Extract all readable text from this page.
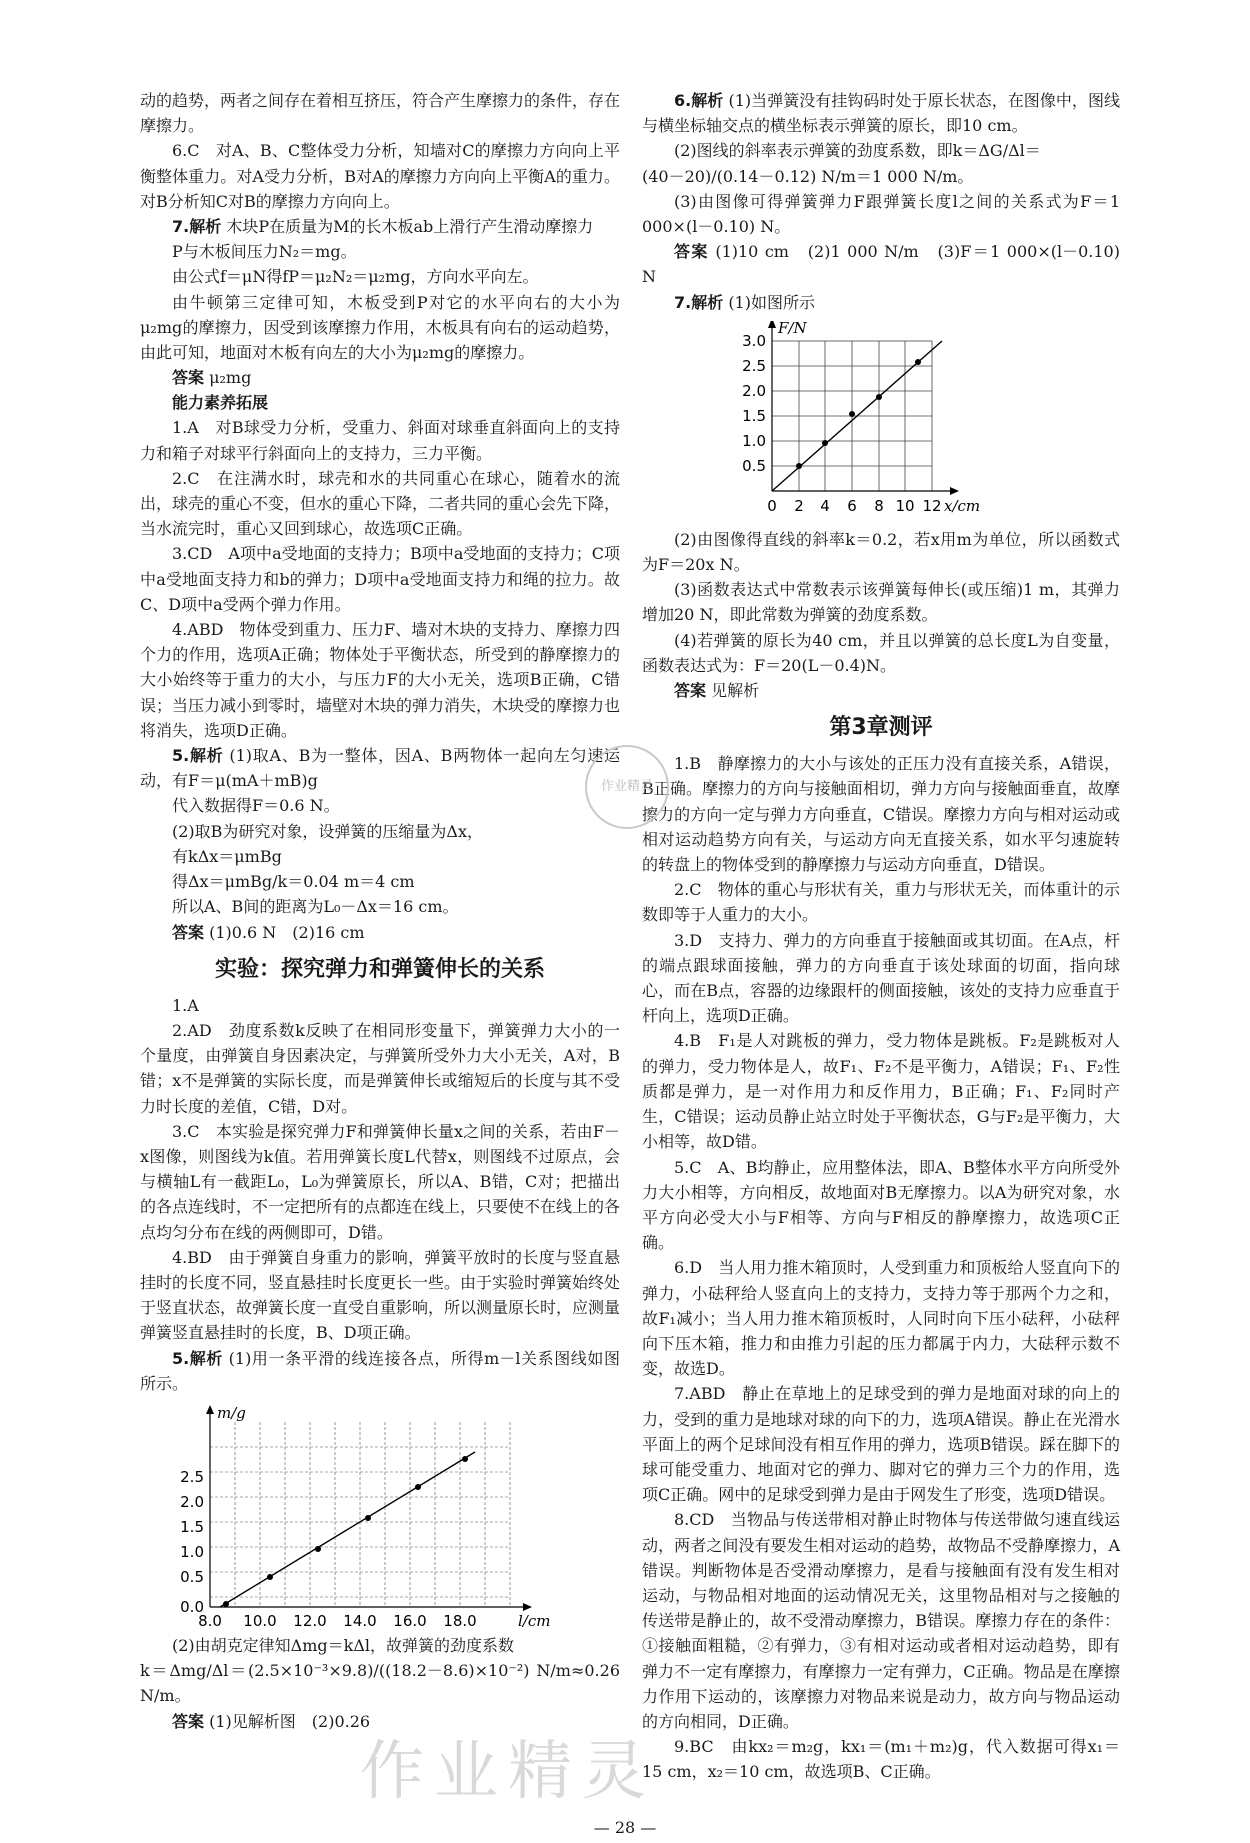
动的趋势，两者之间存在着相互挤压，符合产生摩擦力的条件，存在摩擦力。

6.C　对A、B、C整体受力分析，知墙对C的摩擦力方向向上平衡整体重力。对A受力分析，B对A的摩擦力方向向上平衡A的重力。对B分析知C对B的摩擦力方向向上。

7.解析 木块P在质量为M的长木板ab上滑行产生滑动摩擦力

P与木板间压力N₂＝mg。

由公式f＝μN得fP＝μ₂N₂＝μ₂mg，方向水平向左。

由牛顿第三定律可知，木板受到P对它的水平向右的大小为μ₂mg的摩擦力，因受到该摩擦力作用，木板具有向右的运动趋势，由此可知，地面对木板有向左的大小为μ₂mg的摩擦力。

答案 μ₂mg

能力素养拓展

1.A　对B球受力分析，受重力、斜面对球垂直斜面向上的支持力和箱子对球平行斜面向上的支持力，三力平衡。

2.C　在注满水时，球壳和水的共同重心在球心，随着水的流出，球壳的重心不变，但水的重心下降，二者共同的重心会先下降，当水流完时，重心又回到球心，故选项C正确。

3.CD　A项中a受地面的支持力；B项中a受地面的支持力；C项中a受地面支持力和b的弹力；D项中a受地面支持力和绳的拉力。故C、D项中a受两个弹力作用。

4.ABD　物体受到重力、压力F、墙对木块的支持力、摩擦力四个力的作用，选项A正确；物体处于平衡状态，所受到的静摩擦力的大小始终等于重力的大小，与压力F的大小无关，选项B正确，C错误；当压力减小到零时，墙壁对木块的弹力消失，木块受的摩擦力也将消失，选项D正确。

5.解析 (1)取A、B为一整体，因A、B两物体一起向左匀速运动，有F＝μ(mA＋mB)g

代入数据得F＝0.6 N。

(2)取B为研究对象，设弹簧的压缩量为Δx，

有kΔx＝μmBg

得Δx＝μmBg/k＝0.04 m＝4 cm

所以A、B间的距离为L₀－Δx＝16 cm。

答案 (1)0.6 N　(2)16 cm

实验：探究弹力和弹簧伸长的关系

1.A

2.AD　劲度系数k反映了在相同形变量下，弹簧弹力大小的一个量度，由弹簧自身因素决定，与弹簧所受外力大小无关，A对，B错；x不是弹簧的实际长度，而是弹簧伸长或缩短后的长度与其不受力时长度的差值，C错，D对。

3.C　本实验是探究弹力F和弹簧伸长量x之间的关系，若由F－x图像，则图线为k值。若用弹簧长度L代替x，则图线不过原点，会与横轴L有一截距L₀，L₀为弹簧原长，所以A、B错，C对；把描出的各点连线时，不一定把所有的点都连在线上，只要使不在线上的各点均匀分布在线的两侧即可，D错。

4.BD　由于弹簧自身重力的影响，弹簧平放时的长度与竖直悬挂时的长度不同，竖直悬挂时长度更长一些。由于实验时弹簧始终处于竖直状态，故弹簧长度一直受自重影响，所以测量原长时，应测量弹簧竖直悬挂时的长度，B、D项正确。

5.解析 (1)用一条平滑的线连接各点，所得m－l关系图线如图所示。

m/g
l/cm
0.0
0.5
1.0
1.5
2.0
2.5
8.0 10.0 12.0 14.0 16.0 18.0

(2)由胡克定律知Δmg＝kΔl，故弹簧的劲度系数

k＝Δmg/Δl＝(2.5×10⁻³×9.8)/((18.2－8.6)×10⁻²) N/m≈0.26 N/m。

答案 (1)见解析图　(2)0.26

6.解析 (1)当弹簧没有挂钩码时处于原长状态，在图像中，图线与横坐标轴交点的横坐标表示弹簧的原长，即10 cm。

(2)图线的斜率表示弹簧的劲度系数，即k＝ΔG/Δl＝

(40－20)/(0.14－0.12) N/m＝1 000 N/m。

(3)由图像可得弹簧弹力F跟弹簧长度l之间的关系式为F＝1 000×(l－0.10) N。

答案 (1)10 cm　(2)1 000 N/m　(3)F＝1 000×(l－0.10) N

7.解析 (1)如图所示

F/N
x/cm
0.5
1.0
1.5
2.0
2.5
3.0
0 2 4 6 8 10 12

(2)由图像得直线的斜率k＝0.2，若x用m为单位，所以函数式为F＝20x N。

(3)函数表达式中常数表示该弹簧每伸长(或压缩)1 m，其弹力增加20 N，即此常数为弹簧的劲度系数。

(4)若弹簧的原长为40 cm，并且以弹簧的总长度L为自变量，函数表达式为：F＝20(L－0.4)N。

答案 见解析

第3章测评

1.B　静摩擦力的大小与该处的正压力没有直接关系，A错误，B正确。摩擦力的方向与接触面相切，弹力方向与接触面垂直，故摩擦力的方向一定与弹力方向垂直，C错误。摩擦力方向与相对运动或相对运动趋势方向有关，与运动方向无直接关系，如水平匀速旋转的转盘上的物体受到的静摩擦力与运动方向垂直，D错误。

2.C　物体的重心与形状有关，重力与形状无关，而体重计的示数即等于人重力的大小。

3.D　支持力、弹力的方向垂直于接触面或其切面。在A点，杆的端点跟球面接触，弹力的方向垂直于该处球面的切面，指向球心，而在B点，容器的边缘跟杆的侧面接触，该处的支持力应垂直于杆向上，选项D正确。

4.B　F₁是人对跳板的弹力，受力物体是跳板。F₂是跳板对人的弹力，受力物体是人，故F₁、F₂不是平衡力，A错误；F₁、F₂性质都是弹力，是一对作用力和反作用力，B正确；F₁、F₂同时产生，C错误；运动员静止站立时处于平衡状态，G与F₂是平衡力，大小相等，故D错。

5.C　A、B均静止，应用整体法，即A、B整体水平方向所受外力大小相等，方向相反，故地面对B无摩擦力。以A为研究对象，水平方向必受大小与F相等、方向与F相反的静摩擦力，故选项C正确。

6.D　当人用力推木箱顶时，人受到重力和顶板给人竖直向下的弹力，小砝秤给人竖直向上的支持力，支持力等于那两个力之和，故F₁减小；当人用力推木箱顶板时，人同时向下压小砝秤，小砝秤向下压木箱，推力和由推力引起的压力都属于内力，大砝秤示数不变，故选D。

7.ABD　静止在草地上的足球受到的弹力是地面对球的向上的力，受到的重力是地球对球的向下的力，选项A错误。静止在光滑水平面上的两个足球间没有相互作用的弹力，选项B错误。踩在脚下的球可能受重力、地面对它的弹力、脚对它的弹力三个力的作用，选项C正确。网中的足球受到弹力是由于网发生了形变，选项D错误。

8.CD　当物品与传送带相对静止时物体与传送带做匀速直线运动，两者之间没有要发生相对运动的趋势，故物品不受静摩擦力，A错误。判断物体是否受滑动摩擦力，是看与接触面有没有发生相对运动，与物品相对地面的运动情况无关，这里物品相对与之接触的传送带是静止的，故不受滑动摩擦力，B错误。摩擦力存在的条件：①接触面粗糙，②有弹力，③有相对运动或者相对运动趋势，即有弹力不一定有摩擦力，有摩擦力一定有弹力，C正确。物品是在摩擦力作用下运动的，该摩擦力对物品来说是动力，故方向与物品运动的方向相同，D正确。

9.BC　由kx₂＝m₂g，kx₁＝(m₁＋m₂)g，代入数据可得x₁＝15 cm，x₂＝10 cm，故选项B、C正确。

作业精灵
作业精灵
— 28 —
